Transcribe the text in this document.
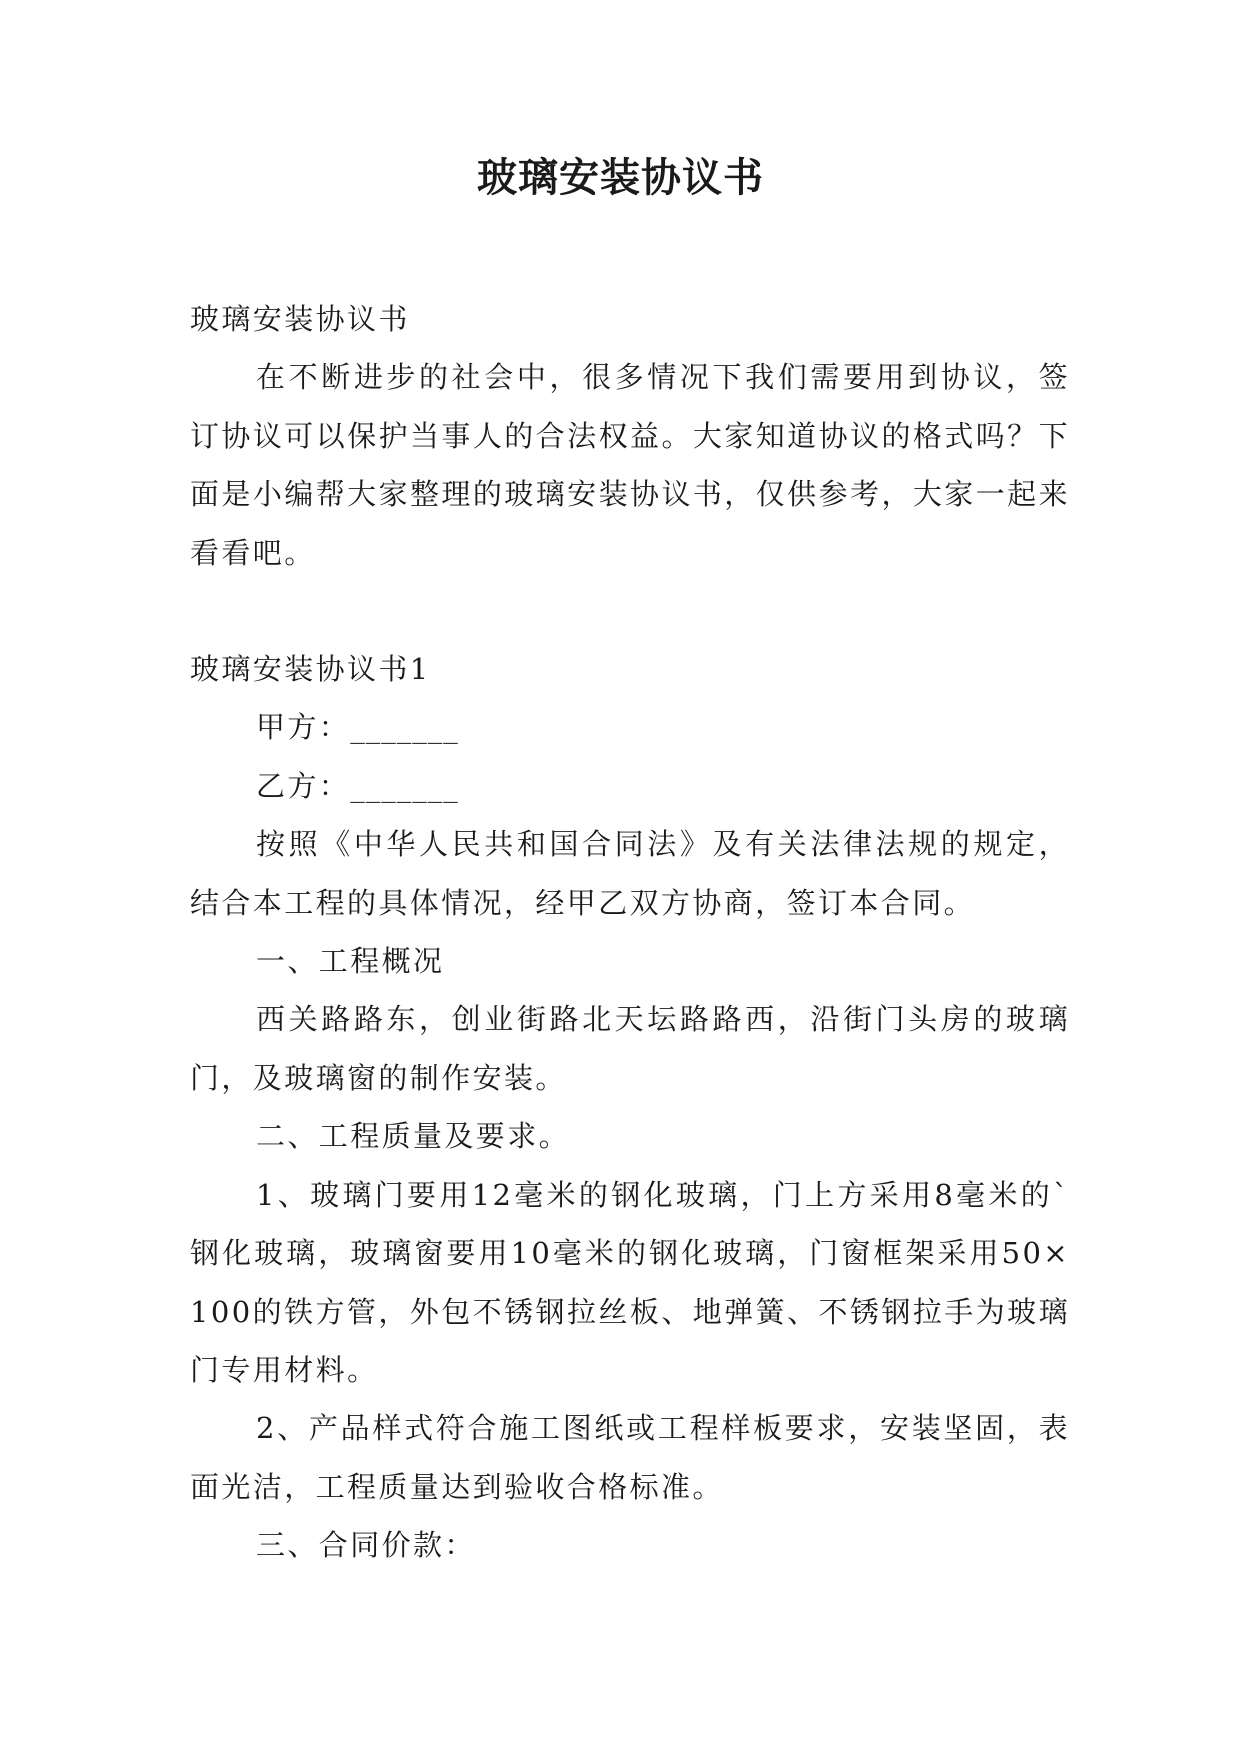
玻璃安装协议书

玻璃安装协议书

在不断进步的社会中，很多情况下我们需要用到协议，签订协议可以保护当事人的合法权益。大家知道协议的格式吗？下面是小编帮大家整理的玻璃安装协议书，仅供参考，大家一起来看看吧。

玻璃安装协议书1

甲方：_______

乙方：_______

按照《中华人民共和国合同法》及有关法律法规的规定，结合本工程的具体情况，经甲乙双方协商，签订本合同。

一、工程概况

西关路路东，创业街路北天坛路路西，沿街门头房的玻璃门，及玻璃窗的制作安装。

二、工程质量及要求。

1、玻璃门要用12毫米的钢化玻璃，门上方采用8毫米的`钢化玻璃，玻璃窗要用10毫米的钢化玻璃，门窗框架采用50×100的铁方管，外包不锈钢拉丝板、地弹簧、不锈钢拉手为玻璃门专用材料。

2、产品样式符合施工图纸或工程样板要求，安装坚固，表面光洁，工程质量达到验收合格标准。

三、合同价款：
